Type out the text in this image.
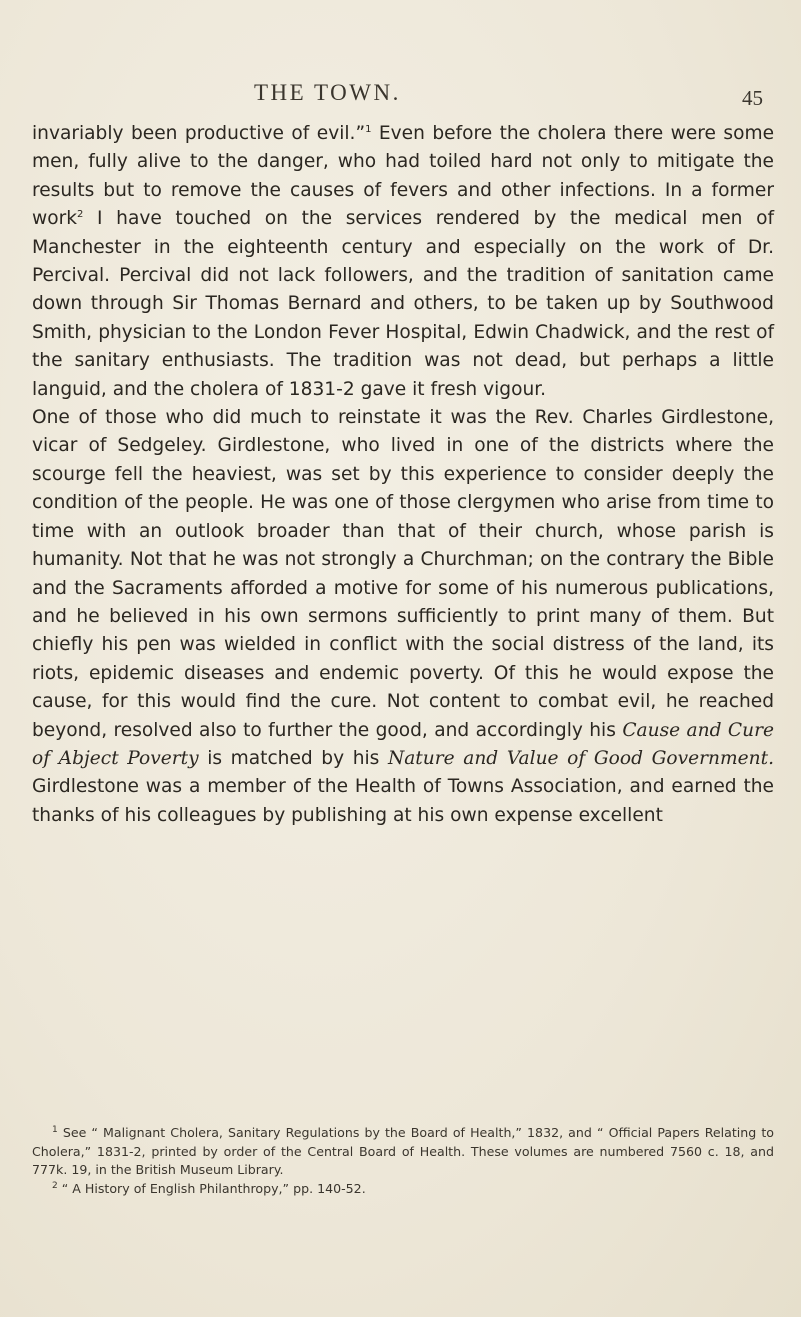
THE TOWN.	45

invariably been productive of evil.”$^1$ Even before the cholera there were some men, fully alive to the danger, who had toiled hard not only to mitigate the results but to remove the causes of fevers and other infections. In a former work$^2$ I have touched on the services rendered by the medical men of Manchester in the eighteenth century and especially on the work of Dr. Percival. Percival did not lack followers, and the tradition of sanitation came down through Sir Thomas Bernard and others, to be taken up by Southwood Smith, physician to the London Fever Hospital, Edwin Chadwick, and the rest of the sanitary enthusiasts. The tradition was not dead, but perhaps a little languid, and the cholera of 1831-2 gave it fresh vigour.

One of those who did much to reinstate it was the Rev. Charles Girdlestone, vicar of Sedgeley. Girdlestone, who lived in one of the districts where the scourge fell the heaviest, was set by this experience to consider deeply the condition of the people. He was one of those clergymen who arise from time to time with an outlook broader than that of their church, whose parish is humanity. Not that he was not strongly a Churchman; on the contrary the Bible and the Sacraments afforded a motive for some of his numerous publications, and he believed in his own sermons sufficiently to print many of them. But chiefly his pen was wielded in conflict with the social distress of the land, its riots, epidemic diseases and endemic poverty. Of this he would expose the cause, for this would find the cure. Not content to combat evil, he reached beyond, resolved also to further the good, and accordingly his Cause and Cure of Abject Poverty is matched by his Nature and Value of Good Government. Girdlestone was a member of the Health of Towns Association, and earned the thanks of his colleagues by publishing at his own expense excellent

$^1$ See “ Malignant Cholera, Sanitary Regulations by the Board of Health,” 1832, and “ Official Papers Relating to Cholera,” 1831-2, printed by order of the Central Board of Health. These volumes are numbered 7560 c. 18, and 777k. 19, in the British Museum Library.

$^2$ “ A History of English Philanthropy,” pp. 140-52.
